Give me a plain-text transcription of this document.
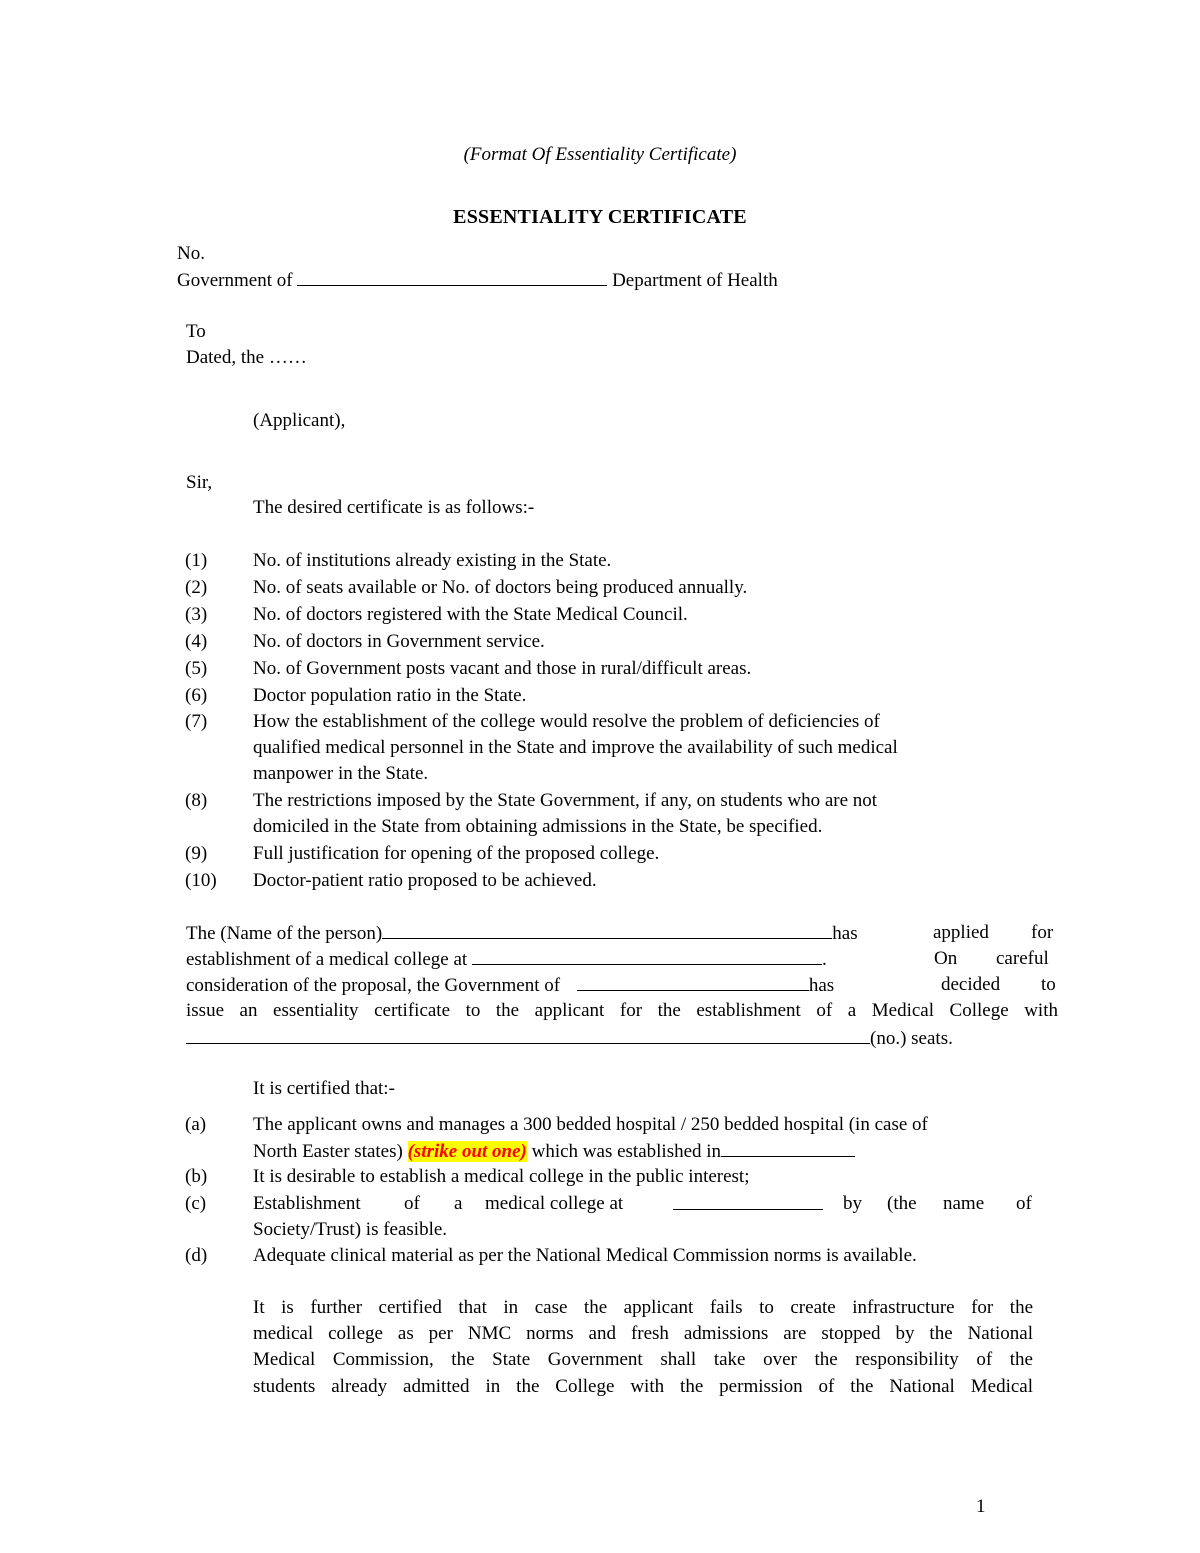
(Format Of Essentiality Certificate)
ESSENTIALITY CERTIFICATE
No.
Government of	Department of Health
To
Dated, the ……
(Applicant),
Sir,
The desired certificate is as follows:-
(1) No. of institutions already existing in the State.
(2) No. of seats available or No. of doctors being produced annually.
(3) No. of doctors registered with the State Medical Council.
(4) No. of doctors in Government service.
(5) No. of Government posts vacant and those in rural/difficult areas.
(6) Doctor population ratio in the State.
(7) How the establishment of the college would resolve the problem of deficiencies of
qualified medical personnel in the State and improve the availability of such medical
manpower in the State.
(8) The restrictions imposed by the State Government, if any, on students who are not
domiciled in the State from obtaining admissions in the State, be specified.
(9) Full justification for opening of the proposed college.
(10) Doctor-patient ratio proposed to be achieved.
The (Name of the person)	has	applied for
establishment of a medical college at	.	On careful
consideration of the proposal, the Government of	has	decided to
issue an essentiality certificate to the applicant for the establishment of a Medical College with
(no.) seats.
It is certified that:-
(a) The applicant owns and manages a 300 bedded hospital / 250 bedded hospital (in case of
North Easter states) (strike out one) which was established in
(b) It is desirable to establish a medical college in the public interest;
(c) Establishment of a medical college at	by (the name of
Society/Trust) is feasible.
(d) Adequate clinical material as per the National Medical Commission norms is available.
It is further certified that in case the applicant fails to create infrastructure for the
medical college as per NMC norms and fresh admissions are stopped by the National
Medical Commission, the State Government shall take over the responsibility of the
students already admitted in the College with the permission of the National Medical
1
